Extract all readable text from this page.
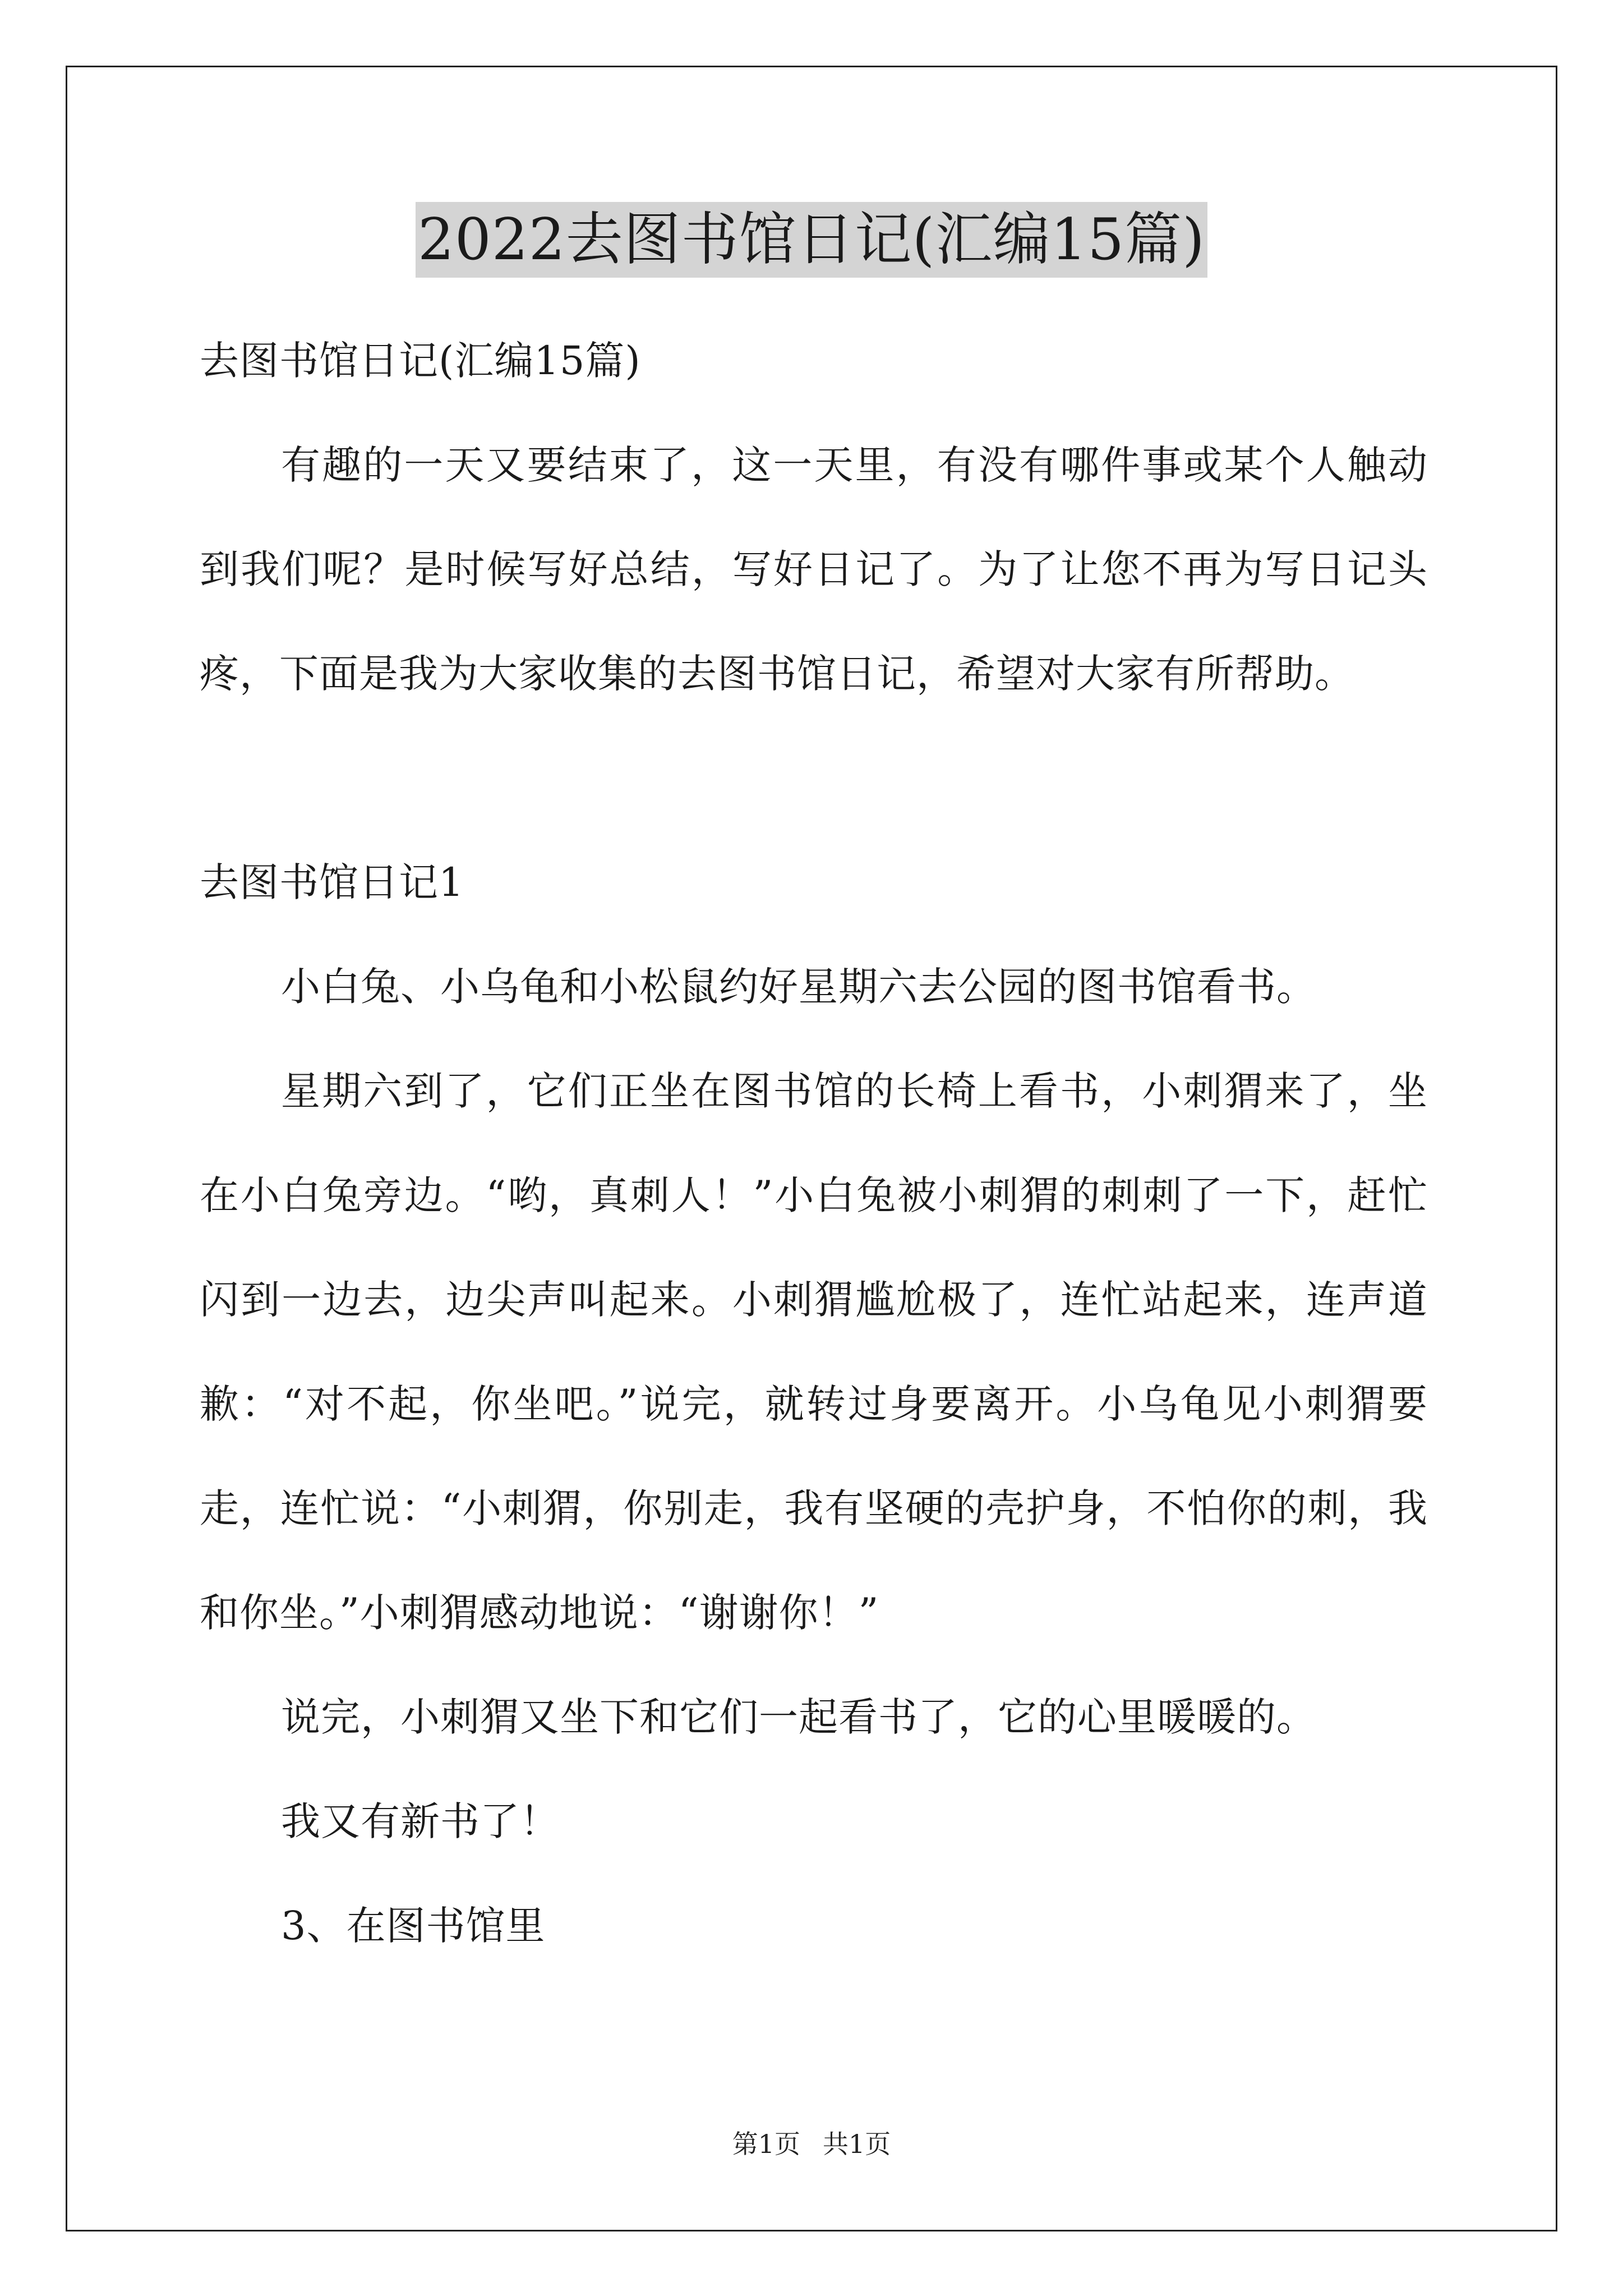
2022去图书馆日记(汇编15篇)
去图书馆日记(汇编15篇)
有趣的一天又要结束了，这一天里，有没有哪件事或某个人触动到我们呢？是时候写好总结，写好日记了。为了让您不再为写日记头疼，下面是我为大家收集的去图书馆日记，希望对大家有所帮助。
去图书馆日记1
小白兔、小乌龟和小松鼠约好星期六去公园的图书馆看书。
星期六到了，它们正坐在图书馆的长椅上看书，小刺猬来了，坐在小白兔旁边。“哟，真刺人！”小白兔被小刺猬的刺刺了一下，赶忙闪到一边去，边尖声叫起来。小刺猬尴尬极了，连忙站起来，连声道歉：“对不起，你坐吧。”说完，就转过身要离开。小乌龟见小刺猬要走，连忙说：“小刺猬，你别走，我有坚硬的壳护身，不怕你的刺，我和你坐。”小刺猬感动地说：“谢谢你！”
说完，小刺猬又坐下和它们一起看书了，它的心里暖暖的。
我又有新书了！
3、在图书馆里
第1页 共1页
